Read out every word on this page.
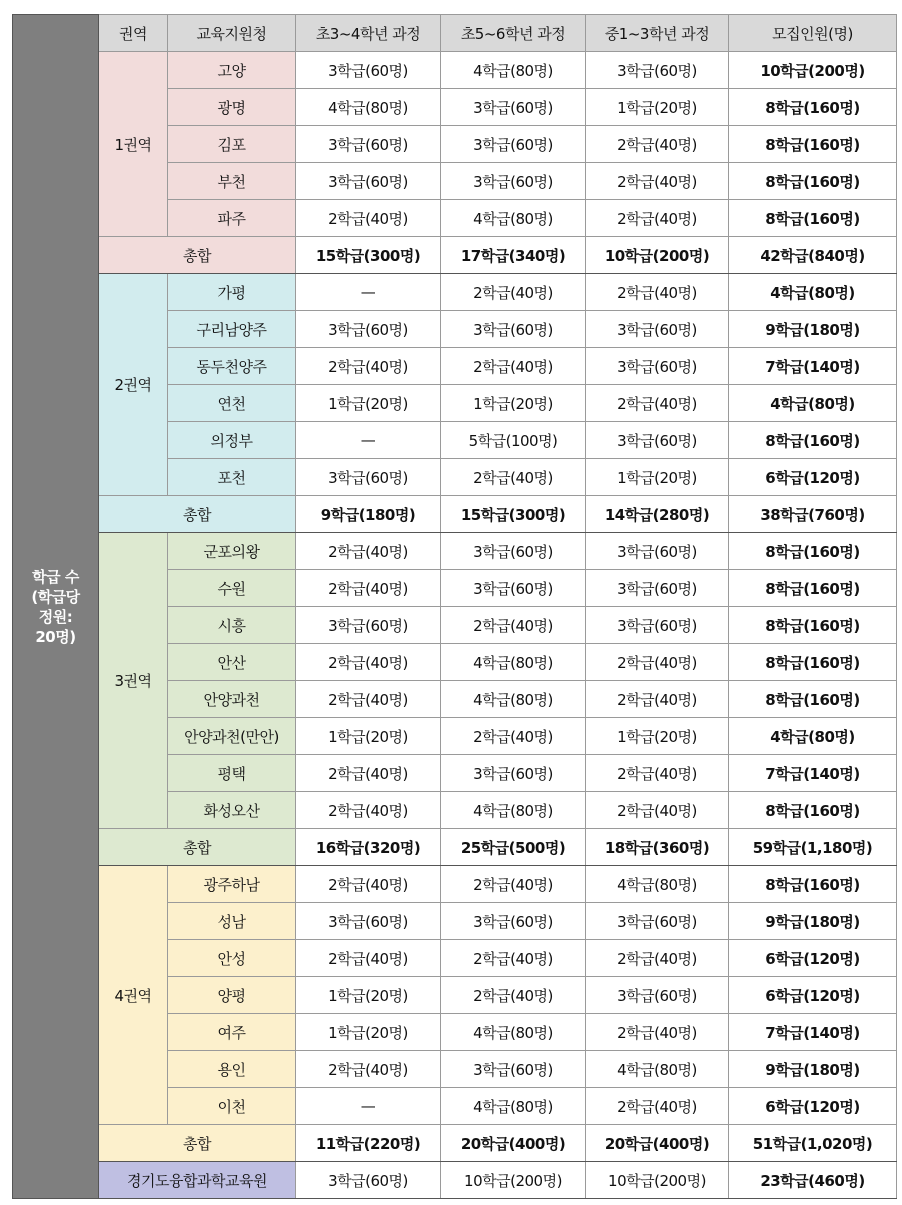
학급 수
(학급당
정원:
20명)	권역	교육지원청	초3~4학년 과정	초5~6학년 과정	중1~3학년 과정	모집인원(명)
	1권역	고양	3학급(60명)	4학급(80명)	3학급(60명)	10학급(200명)
		광명	4학급(80명)	3학급(60명)	1학급(20명)	8학급(160명)
		김포	3학급(60명)	3학급(60명)	2학급(40명)	8학급(160명)
		부천	3학급(60명)	3학급(60명)	2학급(40명)	8학급(160명)
		파주	2학급(40명)	4학급(80명)	2학급(40명)	8학급(160명)
	총합		15학급(300명)	17학급(340명)	10학급(200명)	42학급(840명)
	2권역	가평	—	2학급(40명)	2학급(40명)	4학급(80명)
		구리남양주	3학급(60명)	3학급(60명)	3학급(60명)	9학급(180명)
		동두천양주	2학급(40명)	2학급(40명)	3학급(60명)	7학급(140명)
		연천	1학급(20명)	1학급(20명)	2학급(40명)	4학급(80명)
		의정부	—	5학급(100명)	3학급(60명)	8학급(160명)
		포천	3학급(60명)	2학급(40명)	1학급(20명)	6학급(120명)
	총합		9학급(180명)	15학급(300명)	14학급(280명)	38학급(760명)
	3권역	군포의왕	2학급(40명)	3학급(60명)	3학급(60명)	8학급(160명)
		수원	2학급(40명)	3학급(60명)	3학급(60명)	8학급(160명)
		시흥	3학급(60명)	2학급(40명)	3학급(60명)	8학급(160명)
		안산	2학급(40명)	4학급(80명)	2학급(40명)	8학급(160명)
		안양과천	2학급(40명)	4학급(80명)	2학급(40명)	8학급(160명)
		안양과천(만안)	1학급(20명)	2학급(40명)	1학급(20명)	4학급(80명)
		평택	2학급(40명)	3학급(60명)	2학급(40명)	7학급(140명)
		화성오산	2학급(40명)	4학급(80명)	2학급(40명)	8학급(160명)
	총합		16학급(320명)	25학급(500명)	18학급(360명)	59학급(1,180명)
	4권역	광주하남	2학급(40명)	2학급(40명)	4학급(80명)	8학급(160명)
		성남	3학급(60명)	3학급(60명)	3학급(60명)	9학급(180명)
		안성	2학급(40명)	2학급(40명)	2학급(40명)	6학급(120명)
		양평	1학급(20명)	2학급(40명)	3학급(60명)	6학급(120명)
		여주	1학급(20명)	4학급(80명)	2학급(40명)	7학급(140명)
		용인	2학급(40명)	3학급(60명)	4학급(80명)	9학급(180명)
		이천	—	4학급(80명)	2학급(40명)	6학급(120명)
	총합		11학급(220명)	20학급(400명)	20학급(400명)	51학급(1,020명)
	경기도융합과학교육원		3학급(60명)	10학급(200명)	10학급(200명)	23학급(460명)
